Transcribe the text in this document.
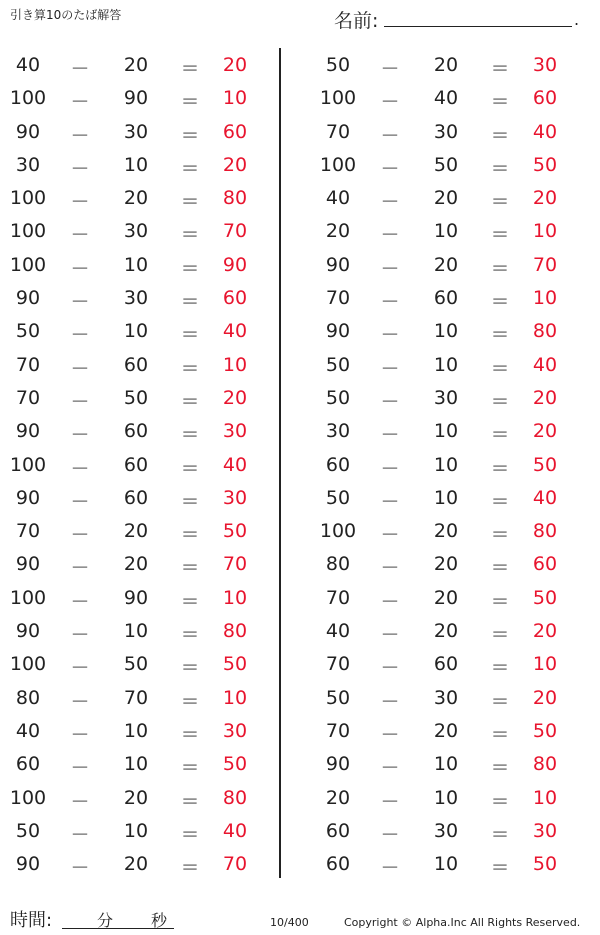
引き算10のたば解答	名前:	.
40	－	20	＝	20
100	－	90	＝	10
90	－	30	＝	60
30	－	10	＝	20
100	－	20	＝	80
100	－	30	＝	70
100	－	10	＝	90
90	－	30	＝	60
50	－	10	＝	40
70	－	60	＝	10
70	－	50	＝	20
90	－	60	＝	30
100	－	60	＝	40
90	－	60	＝	30
70	－	20	＝	50
90	－	20	＝	70
100	－	90	＝	10
90	－	10	＝	80
100	－	50	＝	50
80	－	70	＝	10
40	－	10	＝	30
60	－	10	＝	50
100	－	20	＝	80
50	－	10	＝	40
90	－	20	＝	70
50	－	20	＝	30
100	－	40	＝	60
70	－	30	＝	40
100	－	50	＝	50
40	－	20	＝	20
20	－	10	＝	10
90	－	20	＝	70
70	－	60	＝	10
90	－	10	＝	80
50	－	10	＝	40
50	－	30	＝	20
30	－	10	＝	20
60	－	10	＝	50
50	－	10	＝	40
100	－	20	＝	80
80	－	20	＝	60
70	－	20	＝	50
40	－	20	＝	20
70	－	60	＝	10
50	－	30	＝	20
70	－	20	＝	50
90	－	10	＝	80
20	－	10	＝	10
60	－	30	＝	30
60	－	10	＝	50
時間:	分 秒	10/400	Copyright © Alpha.Inc All Rights Reserved.
